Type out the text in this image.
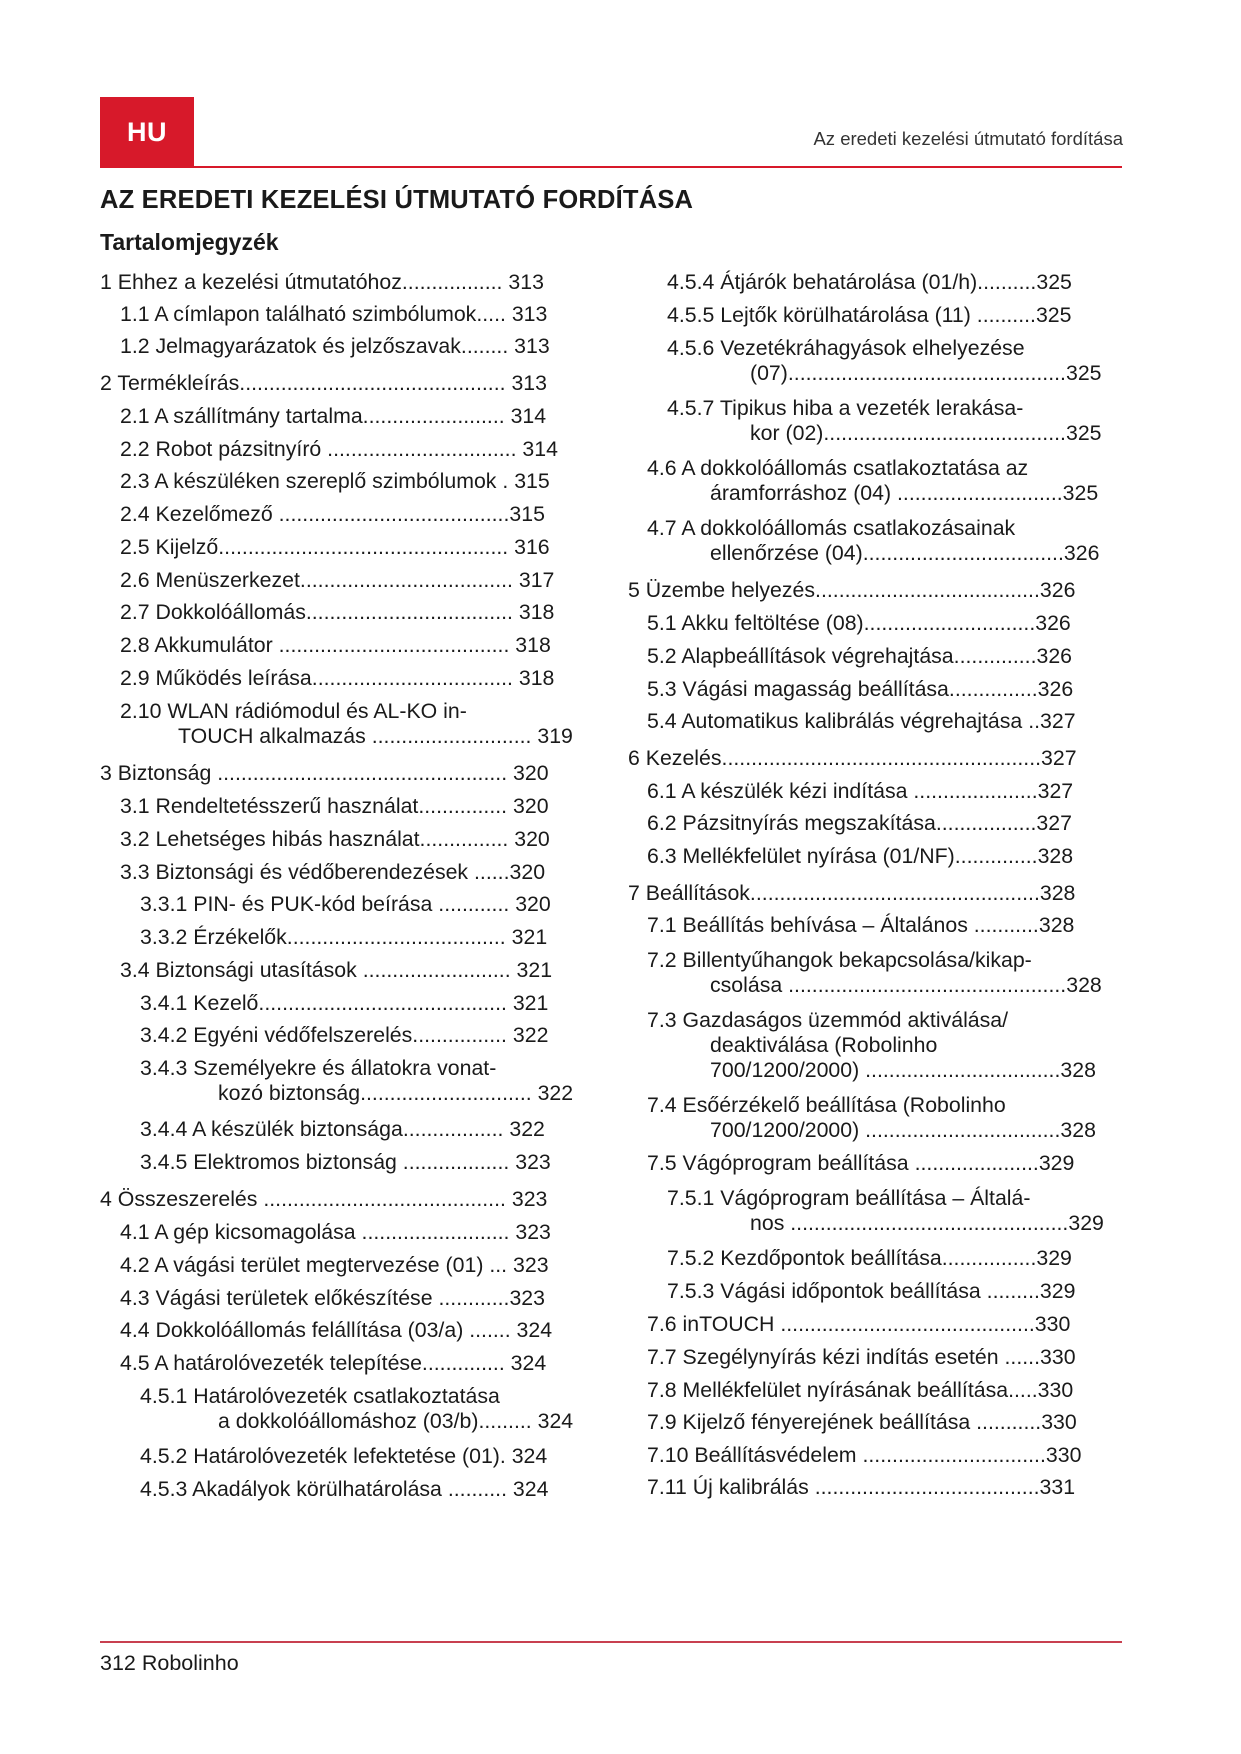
HU	Az eredeti kezelési útmutató fordítása
AZ EREDETI KEZELÉSI ÚTMUTATÓ FORDÍTÁSA
Tartalomjegyzék
1 Ehhez a kezelési útmutatóhoz................. 313
1.1 A címlapon található szimbólumok..... 313
1.2 Jelmagyarázatok és jelzőszavak........ 313
2 Termékleírás............................................. 313
2.1 A szállítmány tartalma........................ 314
2.2 Robot pázsitnyíró ................................ 314
2.3 A készüléken szereplő szimbólumok . 315
2.4 Kezelőmező .......................................315
2.5 Kijelző................................................. 316
2.6 Menüszerkezet.................................... 317
2.7 Dokkolóállomás................................... 318
2.8 Akkumulátor ....................................... 318
2.9 Működés leírása.................................. 318
2.10 WLAN rádiómodul és AL-KO in-
TOUCH alkalmazás ........................... 319
3 Biztonság ................................................. 320
3.1 Rendeltetésszerű használat............... 320
3.2 Lehetséges hibás használat............... 320
3.3 Biztonsági és védőberendezések ......320
3.3.1 PIN- és PUK-kód beírása ............ 320
3.3.2 Érzékelők..................................... 321
3.4 Biztonsági utasítások ......................... 321
3.4.1 Kezelő.......................................... 321
3.4.2 Egyéni védőfelszerelés................ 322
3.4.3 Személyekre és állatokra vonat-
kozó biztonság............................. 322
3.4.4 A készülék biztonsága................. 322
3.4.5 Elektromos biztonság .................. 323
4 Összeszerelés ......................................... 323
4.1 A gép kicsomagolása ......................... 323
4.2 A vágási terület megtervezése (01) ... 323
4.3 Vágási területek előkészítése ............323
4.4 Dokkolóállomás felállítása (03/a) ....... 324
4.5 A határolóvezeték telepítése.............. 324
4.5.1 Határolóvezeték csatlakoztatása
a dokkolóállomáshoz (03/b)......... 324
4.5.2 Határolóvezeték lefektetése (01). 324
4.5.3 Akadályok körülhatárolása .......... 324
4.5.4 Átjárók behatárolása (01/h)..........325
4.5.5 Lejtők körülhatárolása (11) ..........325
4.5.6 Vezetékráhagyások elhelyezése
(07)...............................................325
4.5.7 Tipikus hiba a vezeték lerakása-
kor (02).........................................325
4.6 A dokkolóállomás csatlakoztatása az
áramforráshoz (04) ............................325
4.7 A dokkolóállomás csatlakozásainak
ellenőrzése (04)..................................326
5 Üzembe helyezés......................................326
5.1 Akku feltöltése (08).............................326
5.2 Alapbeállítások végrehajtása..............326
5.3 Vágási magasság beállítása...............326
5.4 Automatikus kalibrálás végrehajtása ..327
6 Kezelés......................................................327
6.1 A készülék kézi indítása .....................327
6.2 Pázsitnyírás megszakítása.................327
6.3 Mellékfelület nyírása (01/NF)..............328
7 Beállítások.................................................328
7.1 Beállítás behívása – Általános ...........328
7.2 Billentyűhangok bekapcsolása/kikap-
csolása ...............................................328
7.3 Gazdaságos üzemmód aktiválása/
deaktiválása (Robolinho
700/1200/2000) .................................328
7.4 Esőérzékelő beállítása (Robolinho
700/1200/2000) .................................328
7.5 Vágóprogram beállítása .....................329
7.5.1 Vágóprogram beállítása – Általá-
nos ...............................................329
7.5.2 Kezdőpontok beállítása................329
7.5.3 Vágási időpontok beállítása .........329
7.6 inTOUCH ...........................................330
7.7 Szegélynyírás kézi indítás esetén ......330
7.8 Mellékfelület nyírásának beállítása.....330
7.9 Kijelző fényerejének beállítása ...........330
7.10 Beállításvédelem ...............................330
7.11 Új kalibrálás ......................................331
312 Robolinho
